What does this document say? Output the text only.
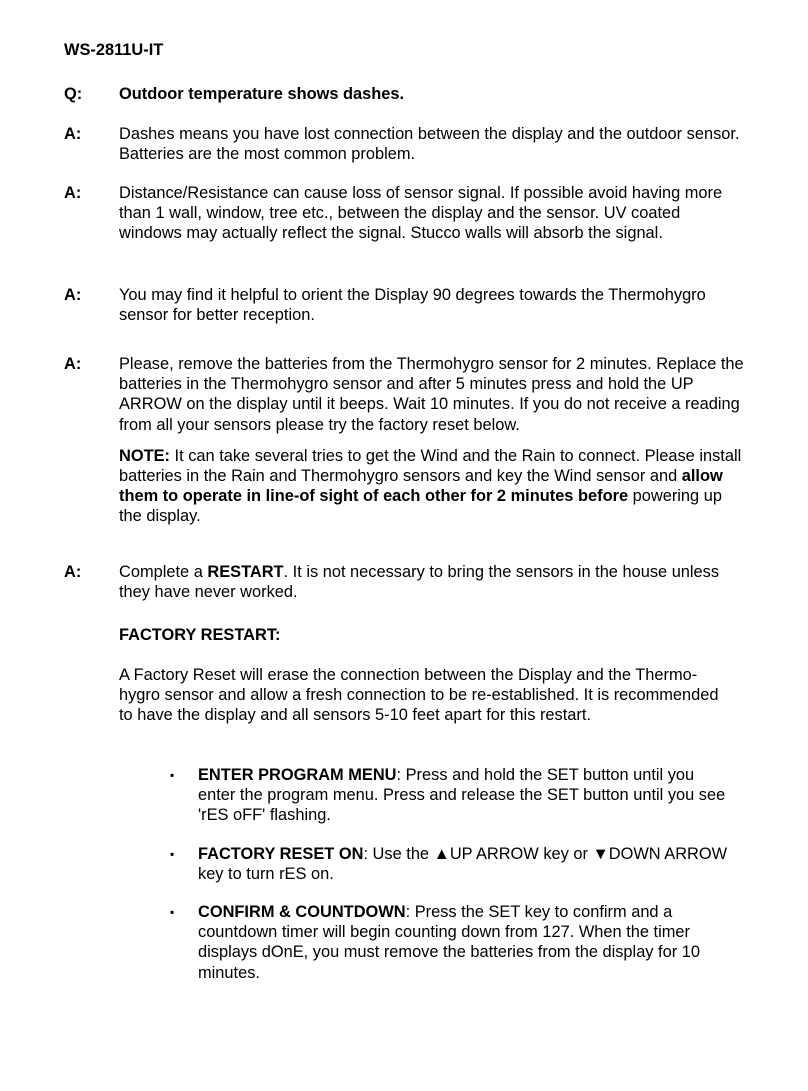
WS-2811U-IT
Q:	Outdoor temperature shows dashes.

A:	Dashes means you have lost connection between the display and the outdoor sensor. Batteries are the most common problem.

A:	Distance/Resistance can cause loss of sensor signal. If possible avoid having more than 1 wall, window, tree etc., between the display and the sensor. UV coated windows may actually reflect the signal. Stucco walls will absorb the signal.

A:	You may find it helpful to orient the Display 90 degrees towards the Thermohygro sensor for better reception.

A:	Please, remove the batteries from the Thermohygro sensor for 2 minutes. Replace the batteries in the Thermohygro sensor and after 5 minutes press and hold the UP ARROW on the display until it beeps. Wait 10 minutes. If you do not receive a reading from all your sensors please try the factory reset below.

NOTE: It can take several tries to get the Wind and the Rain to connect. Please install batteries in the Rain and Thermohygro sensors and key the Wind sensor and allow them to operate in line-of sight of each other for 2 minutes before powering up the display.

A:	Complete a RESTART. It is not necessary to bring the sensors in the house unless they have never worked.

FACTORY RESTART:

A Factory Reset will erase the connection between the Display and the Thermo-hygro sensor and allow a fresh connection to be re-established. It is recommended to have the display and all sensors 5-10 feet apart for this restart.

▪ ENTER PROGRAM MENU: Press and hold the SET button until you enter the program menu. Press and release the SET button until you see 'rES oFF' flashing.
▪ FACTORY RESET ON: Use the ▲UP ARROW key or ▼DOWN ARROW key to turn rES on.
▪ CONFIRM & COUNTDOWN: Press the SET key to confirm and a countdown timer will begin counting down from 127. When the timer displays dOnE, you must remove the batteries from the display for 10 minutes.
